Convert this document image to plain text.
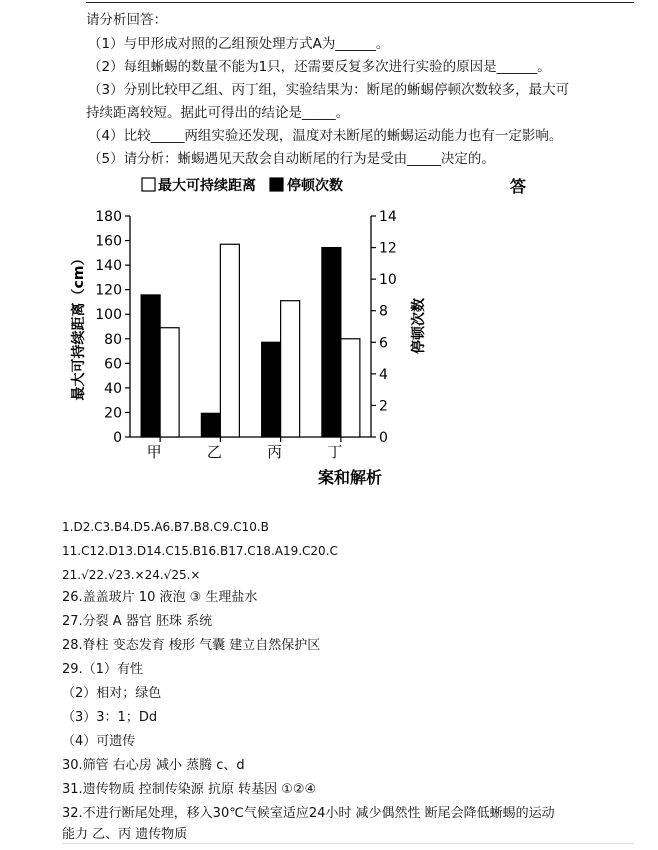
请分析回答：
（1）与甲形成对照的乙组预处理方式A为______。
（2）每组蜥蜴的数量不能为1只，还需要反复多次进行实验的原因是______。
（3）分别比较甲乙组、丙丁组，实验结果为：断尾的蜥蜴停顿次数较多，最大可
持续距离较短。据此可得出的结论是_____。
（4）比较_____两组实验还发现，温度对未断尾的蜥蜴运动能力也有一定影响。
（5）请分析：蜥蜴遇见天敌会自动断尾的行为是受由_____决定的。
最大可持续距离 停顿次数	答
0
20
40
60
80
100
120
140
160
180
0
2
4
6
8
10
12
14
甲	乙	丙	丁
最大可持续距离（cm）	停顿次数
案和解析
1.D2.C3.B4.D5.A6.B7.B8.C9.C10.B
11.C12.D13.D14.C15.B16.B17.C18.A19.C20.C
21.√22.√23.×24.√25.×
26.盖盖玻片 10 液泡 ③ 生理盐水
27.分裂 A 器官 胚珠 系统
28.脊柱 变态发育 梭形 气囊 建立自然保护区
29.（1）有性
（2）相对；绿色
（3）3：1；Dd
（4）可遗传
30.筛管 右心房 减小 蒸腾 c、d
31.遗传物质 控制传染源 抗原 转基因 ①②④
32.不进行断尾处理，移入30℃气候室适应24小时 减少偶然性 断尾会降低蜥蜴的运动
能力 乙、丙 遗传物质
